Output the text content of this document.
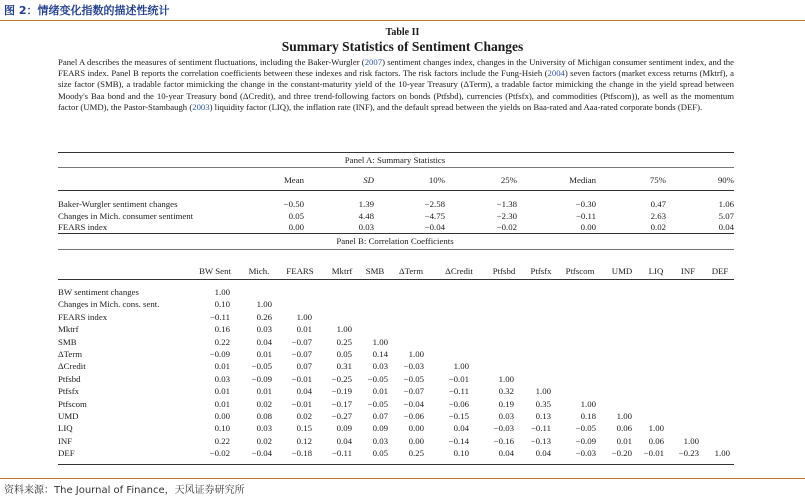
图 2：情绪变化指数的描述性统计
Table II
Summary Statistics of Sentiment Changes
Panel A describes the measures of sentiment fluctuations, including the Baker-Wurgler (2007) sentiment changes index, changes in the University of Michigan consumer sentiment index, and the FEARS index. Panel B reports the correlation coefficients between these indexes and risk factors. The risk factors include the Fung-Hsieh (2004) seven factors (market excess returns (Mktrf), a size factor (SMB), a tradable factor mimicking the change in the constant-maturity yield of the 10-year Treasury (ΔTerm), a tradable factor mimicking the change in the yield spread between Moody's Baa bond and the 10-year Treasury bond (ΔCredit), and three trend-following factors on bonds (Ptfsbd), currencies (Ptfsfx), and commodities (Ptfscom)), as well as the momentum factor (UMD), the Pastor-Stambaugh (2003) liquidity factor (LIQ), the inflation rate (INF), and the default spread between the yields on Baa-rated and Aaa-rated corporate bonds (DEF).
Panel A: Summary Statistics
Mean	SD	10%	25%	Median	75%	90%
Baker-Wurgler sentiment changes	−0.50	1.39	−2.58	−1.38	−0.30	0.47	1.06
Changes in Mich. consumer sentiment	0.05	4.48	−4.75	−2.30	−0.11	2.63	5.07
FEARS index	0.00	0.03	−0.04	−0.02	0.00	0.02	0.04
Panel B: Correlation Coefficients
BW Sent	Mich.	FEARS	Mktrf	SMB	ΔTerm	ΔCredit	Ptfsbd	Ptfsfx	Ptfscom	UMD	LIQ	INF	DEF
BW sentiment changes	1.00
Changes in Mich. cons. sent.	0.10	1.00
FEARS index	−0.11	0.26	1.00
Mktrf	0.16	0.03	0.01	1.00
SMB	0.22	0.04	−0.07	0.25	1.00
ΔTerm	−0.09	0.01	−0.07	0.05	0.14	1.00
ΔCredit	0.01	−0.05	0.07	0.31	0.03	−0.03	1.00
Ptfsbd	0.03	−0.09	−0.01	−0.25	−0.05	−0.05	−0.01	1.00
Ptfsfx	0.01	0.01	0.04	−0.19	0.01	−0.07	−0.11	0.32	1.00
Ptfscom	0.01	0.02	−0.01	−0.17	−0.05	−0.04	−0.06	0.19	0.35	1.00
UMD	0.00	0.08	0.02	−0.27	0.07	−0.06	−0.15	0.03	0.13	0.18	1.00
LIQ	0.10	0.03	0.15	0.09	0.09	0.00	0.04	−0.03	−0.11	−0.05	0.06	1.00
INF	0.22	0.02	0.12	0.04	0.03	0.00	−0.14	−0.16	−0.13	−0.09	0.01	0.06	1.00
DEF	−0.02	−0.04	−0.18	−0.11	0.05	0.25	0.10	0.04	0.04	−0.03	−0.20	−0.01	−0.23	1.00
资料来源：The Journal of Finance，天风证券研究所
